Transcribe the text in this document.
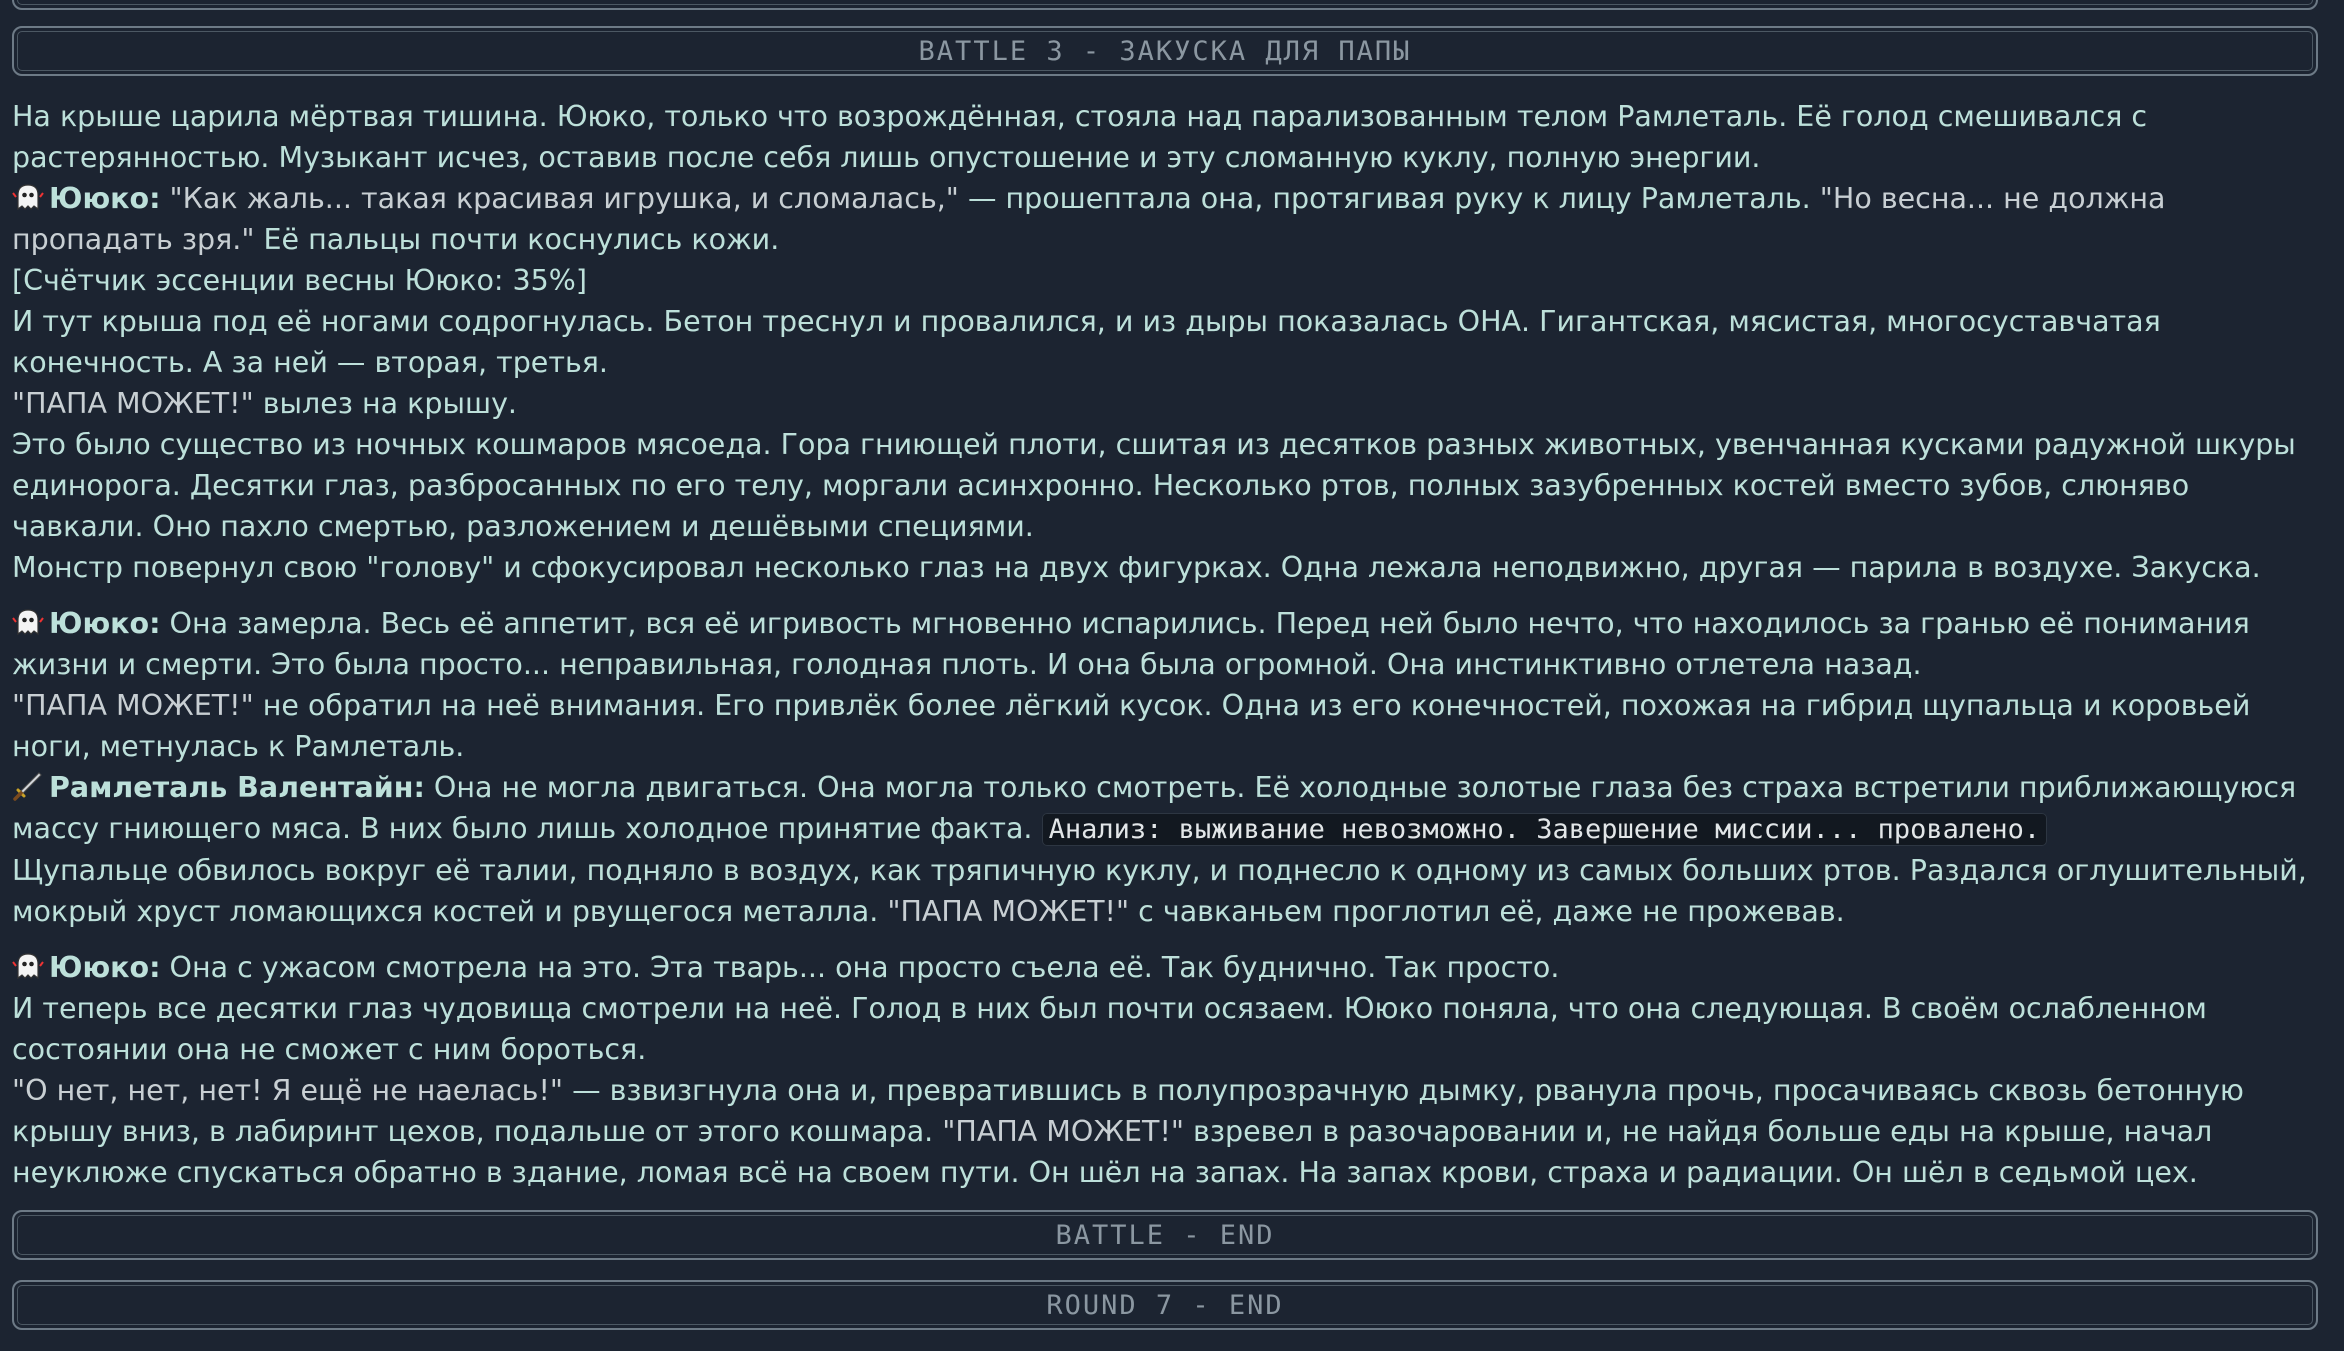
BATTLE 3 - ЗАКУСКА ДЛЯ ПАПЫ

На крыше царила мёртвая тишина. Ююко, только что возрождённая, стояла над парализованным телом Рамлеталь. Её голод смешивался с растерянностью. Музыкант исчез, оставив после себя лишь опустошение и эту сломанную куклу, полную энергии.

Ююко: "Как жаль... такая красивая игрушка, и сломалась," — прошептала она, протягивая руку к лицу Рамлеталь. "Но весна... не должна пропадать зря." Её пальцы почти коснулись кожи.

[Счётчик эссенции весны Ююко: 35%]

И тут крыша под её ногами содрогнулась. Бетон треснул и провалился, и из дыры показалась ОНА. Гигантская, мясистая, многосуставчатая конечность. А за ней — вторая, третья.

"ПАПА МОЖЕТ!" вылез на крышу.

Это было существо из ночных кошмаров мясоеда. Гора гниющей плоти, сшитая из десятков разных животных, увенчанная кусками радужной шкуры единорога. Десятки глаз, разбросанных по его телу, моргали асинхронно. Несколько ртов, полных зазубренных костей вместо зубов, слюняво чавкали. Оно пахло смертью, разложением и дешёвыми специями.

Монстр повернул свою "голову" и сфокусировал несколько глаз на двух фигурках. Одна лежала неподвижно, другая — парила в воздухе. Закуска.

Ююко: Она замерла. Весь её аппетит, вся её игривость мгновенно испарились. Перед ней было нечто, что находилось за гранью её понимания жизни и смерти. Это была просто... неправильная, голодная плоть. И она была огромной. Она инстинктивно отлетела назад.

"ПАПА МОЖЕТ!" не обратил на неё внимания. Его привлёк более лёгкий кусок. Одна из его конечностей, похожая на гибрид щупальца и коровьей ноги, метнулась к Рамлеталь.

Рамлеталь Валентайн: Она не могла двигаться. Она могла только смотреть. Её холодные золотые глаза без страха встретили приближающуюся массу гниющего мяса. В них было лишь холодное принятие факта. Анализ: выживание невозможно. Завершение миссии... провалено.

Щупальце обвилось вокруг её талии, подняло в воздух, как тряпичную куклу, и поднесло к одному из самых больших ртов. Раздался оглушительный, мокрый хруст ломающихся костей и рвущегося металла. "ПАПА МОЖЕТ!" с чавканьем проглотил её, даже не прожевав.

Ююко: Она с ужасом смотрела на это. Эта тварь... она просто съела её. Так буднично. Так просто.

И теперь все десятки глаз чудовища смотрели на неё. Голод в них был почти осязаем. Ююко поняла, что она следующая. В своём ослабленном состоянии она не сможет с ним бороться.

"О нет, нет, нет! Я ещё не наелась!" — взвизгнула она и, превратившись в полупрозрачную дымку, рванула прочь, просачиваясь сквозь бетонную крышу вниз, в лабиринт цехов, подальше от этого кошмара. "ПАПА МОЖЕТ!" взревел в разочаровании и, не найдя больше еды на крыше, начал неуклюже спускаться обратно в здание, ломая всё на своем пути. Он шёл на запах. На запах крови, страха и радиации. Он шёл в седьмой цех.

BATTLE - END
ROUND 7 - END
